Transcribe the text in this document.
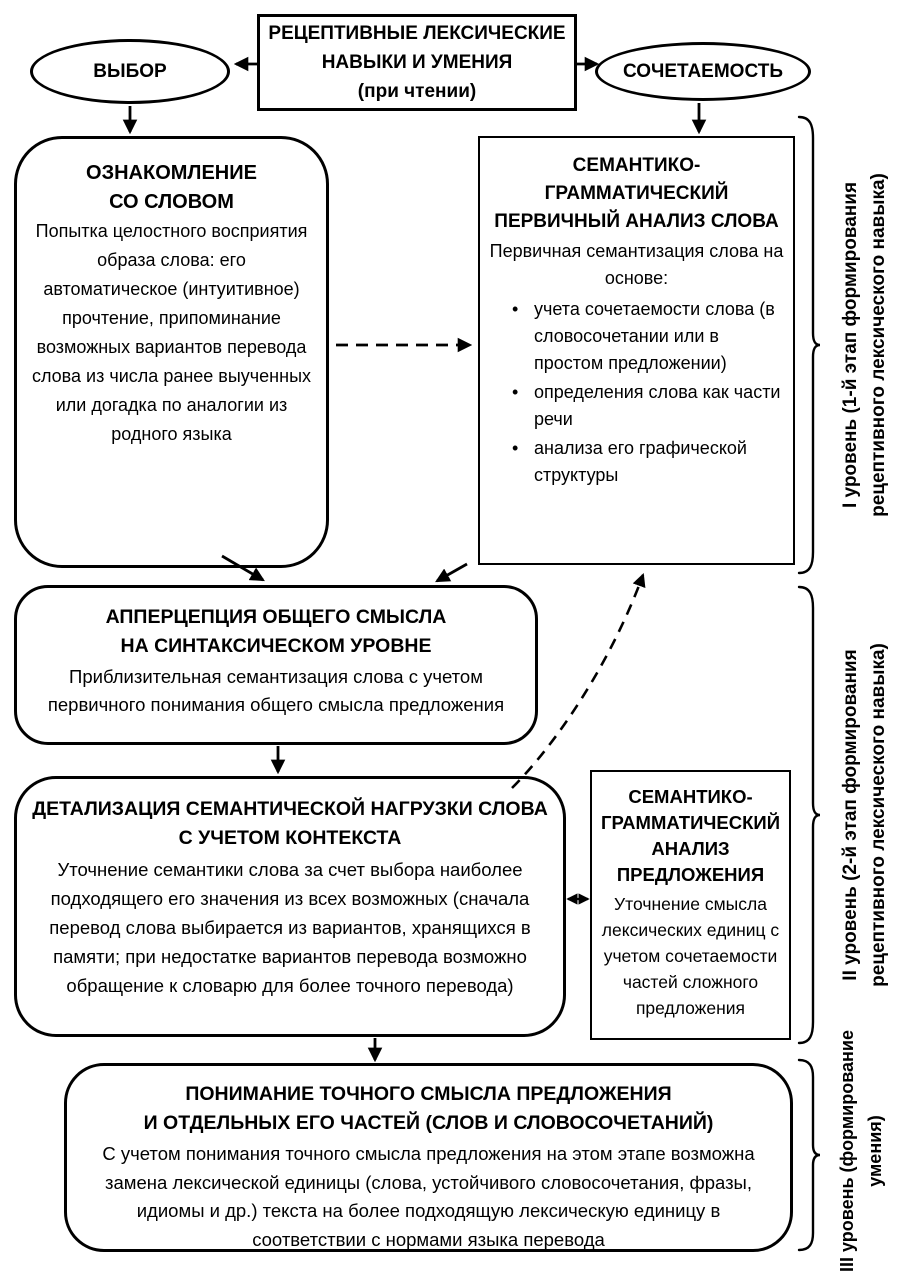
РЕЦЕПТИВНЫЕ ЛЕКСИЧЕСКИЕ
НАВЫКИ И УМЕНИЯ
(при чтении)
ВЫБОР	СОЧЕТАЕМОСТЬ
ОЗНАКОМЛЕНИЕ
СО СЛОВОМ
Попытка целостного восприятия образа слова: его автоматическое (интуитивное) прочтение, припоминание возможных вариантов перевода слова из числа ранее выученных или догадка по аналогии из родного языка
СЕМАНТИКО-
ГРАММАТИЧЕСКИЙ
ПЕРВИЧНЫЙ АНАЛИЗ СЛОВА
Первичная семантизация слова на основе:
• учета сочетаемости слова (в словосочетании или в простом предложении)
• определения слова как части речи
• анализа его графической структуры
АППЕРЦЕПЦИЯ ОБЩЕГО СМЫСЛА
НА СИНТАКСИЧЕСКОМ УРОВНЕ
Приблизительная семантизация слова с учетом первичного понимания общего смысла предложения
ДЕТАЛИЗАЦИЯ СЕМАНТИЧЕСКОЙ НАГРУЗКИ СЛОВА
С УЧЕТОМ КОНТЕКСТА
Уточнение семантики слова за счет выбора наиболее подходящего его значения из всех возможных (сначала перевод слова выбирается из вариантов, хранящихся в памяти; при недостатке вариантов перевода возможно обращение к словарю для более точного перевода)
СЕМАНТИКО-
ГРАММАТИЧЕСКИЙ
АНАЛИЗ
ПРЕДЛОЖЕНИЯ
Уточнение смысла лексических единиц с учетом сочетаемости частей сложного предложения
ПОНИМАНИЕ ТОЧНОГО СМЫСЛА ПРЕДЛОЖЕНИЯ
И ОТДЕЛЬНЫХ ЕГО ЧАСТЕЙ (СЛОВ И СЛОВОСОЧЕТАНИЙ)
С учетом понимания точного смысла предложения на этом этапе возможна замена лексической единицы (слова, устойчивого словосочетания, фразы, идиомы и др.) текста на более подходящую лексическую единицу в соответствии с нормами языка перевода
I уровень (1-й этап формирования рецептивного лексического навыка)
II уровень (2-й этап формирования рецептивного лексического навыка)
III уровень (формирование умения)
